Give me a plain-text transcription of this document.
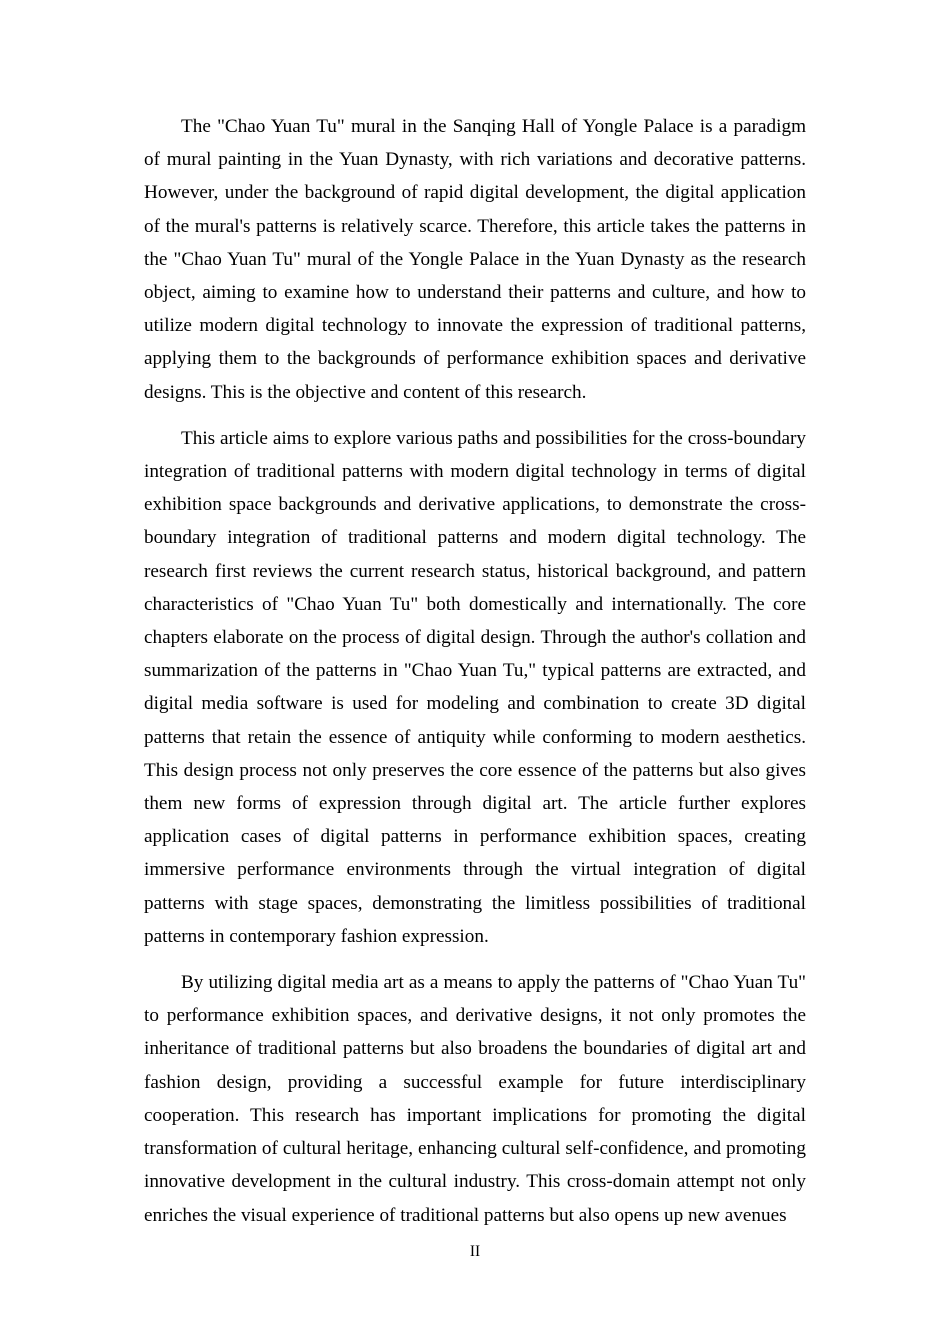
The "Chao Yuan Tu" mural in the Sanqing Hall of Yongle Palace is a paradigm of mural painting in the Yuan Dynasty, with rich variations and decorative patterns. However, under the background of rapid digital development, the digital application of the mural's patterns is relatively scarce. Therefore, this article takes the patterns in the "Chao Yuan Tu" mural of the Yongle Palace in the Yuan Dynasty as the research object, aiming to examine how to understand their patterns and culture, and how to utilize modern digital technology to innovate the expression of traditional patterns, applying them to the backgrounds of performance exhibition spaces and derivative designs. This is the objective and content of this research.

This article aims to explore various paths and possibilities for the cross-boundary integration of traditional patterns with modern digital technology in terms of digital exhibition space backgrounds and derivative applications, to demonstrate the cross-boundary integration of traditional patterns and modern digital technology. The research first reviews the current research status, historical background, and pattern characteristics of "Chao Yuan Tu" both domestically and internationally. The core chapters elaborate on the process of digital design. Through the author's collation and summarization of the patterns in "Chao Yuan Tu," typical patterns are extracted, and digital media software is used for modeling and combination to create 3D digital patterns that retain the essence of antiquity while conforming to modern aesthetics. This design process not only preserves the core essence of the patterns but also gives them new forms of expression through digital art. The article further explores application cases of digital patterns in performance exhibition spaces, creating immersive performance environments through the virtual integration of digital patterns with stage spaces, demonstrating the limitless possibilities of traditional patterns in contemporary fashion expression.

By utilizing digital media art as a means to apply the patterns of "Chao Yuan Tu" to performance exhibition spaces, and derivative designs, it not only promotes the inheritance of traditional patterns but also broadens the boundaries of digital art and fashion design, providing a successful example for future interdisciplinary cooperation. This research has important implications for promoting the digital transformation of cultural heritage, enhancing cultural self-confidence, and promoting innovative development in the cultural industry. This cross-domain attempt not only enriches the visual experience of traditional patterns but also opens up new avenues

II
